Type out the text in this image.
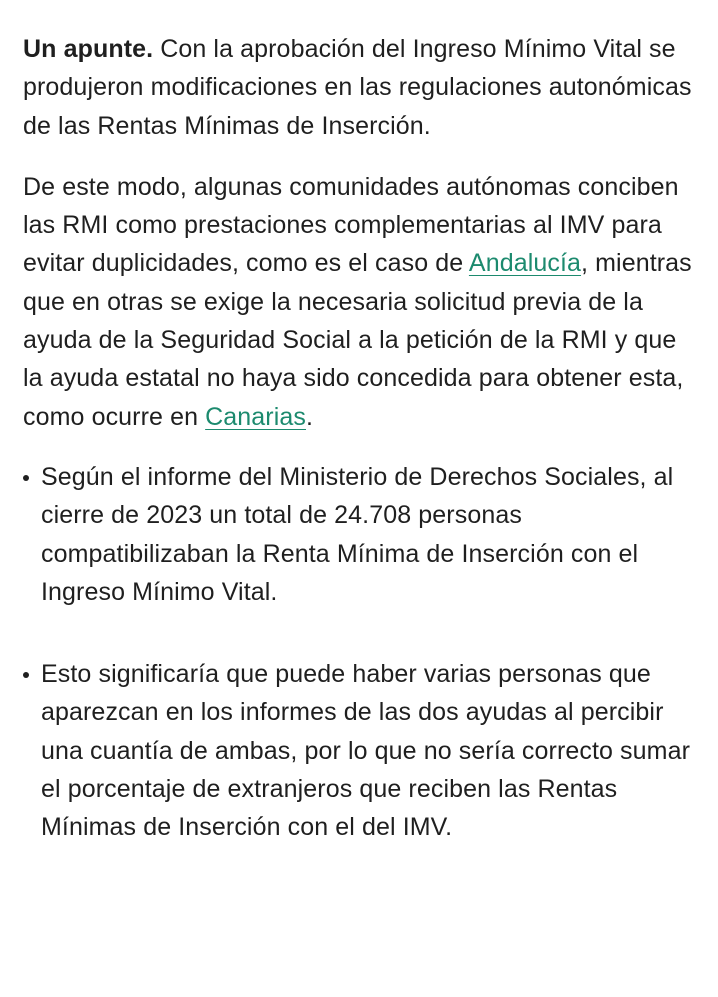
Un apunte. Con la aprobación del Ingreso Mínimo Vital se produjeron modificaciones en las regulaciones autonómicas de las Rentas Mínimas de Inserción.

De este modo, algunas comunidades autónomas conciben las RMI como prestaciones complementarias al IMV para evitar duplicidades, como es el caso de Andalucía, mientras que en otras se exige la necesaria solicitud previa de la ayuda de la Seguridad Social a la petición de la RMI y que la ayuda estatal no haya sido concedida para obtener esta, como ocurre en Canarias.

Según el informe del Ministerio de Derechos Sociales, al cierre de 2023 un total de 24.708 personas compatibilizaban la Renta Mínima de Inserción con el Ingreso Mínimo Vital.
Esto significaría que puede haber varias personas que aparezcan en los informes de las dos ayudas al percibir una cuantía de ambas, por lo que no sería correcto sumar el porcentaje de extranjeros que reciben las Rentas Mínimas de Inserción con el del IMV.
